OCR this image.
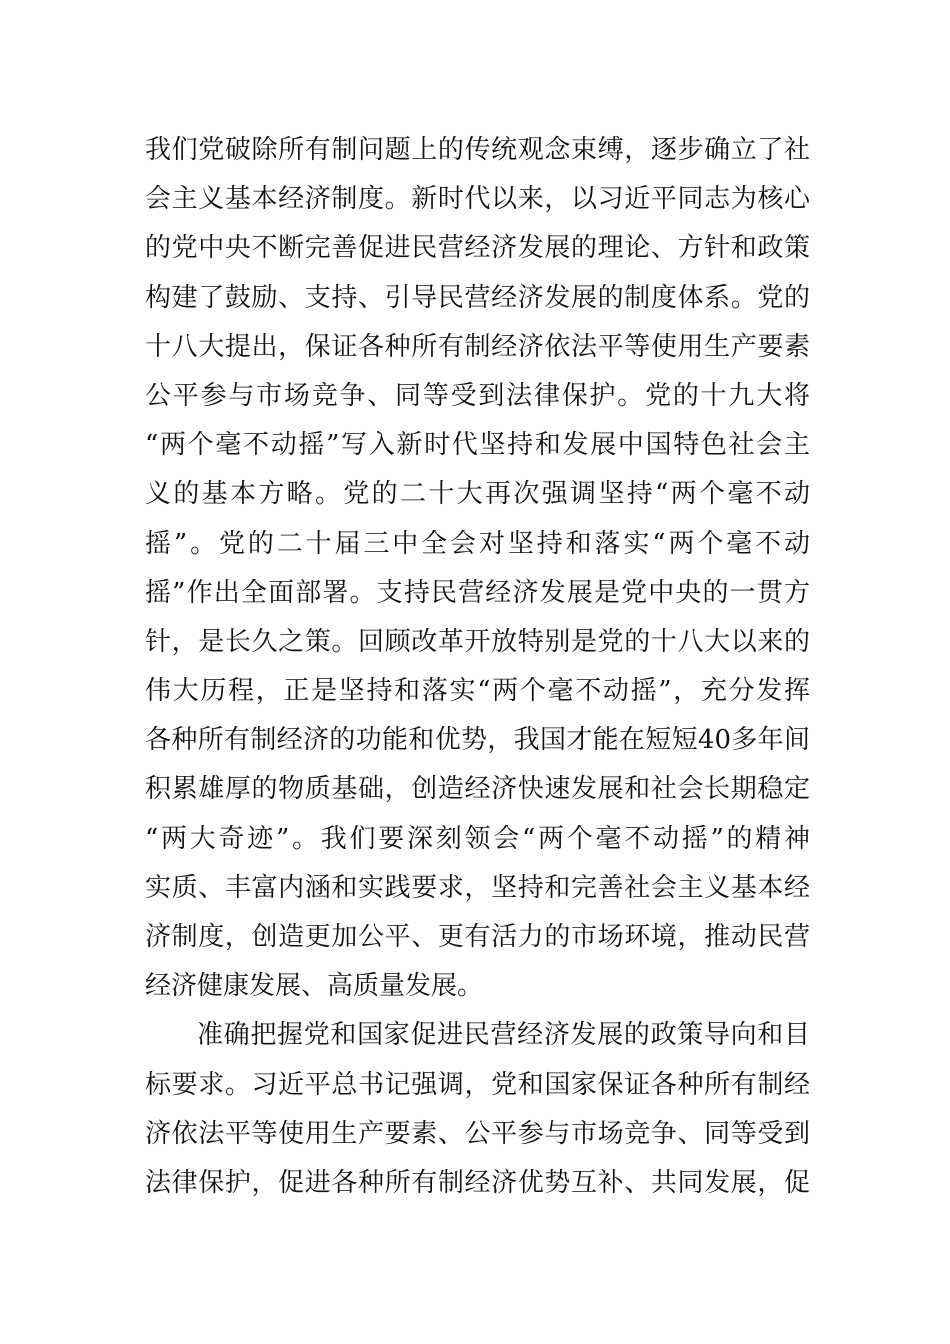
我们党破除所有制问题上的传统观念束缚，逐步确立了社
会主义基本经济制度。新时代以来，以习近平同志为核心
的党中央不断完善促进民营经济发展的理论、方针和政策
构建了鼓励、支持、引导民营经济发展的制度体系。党的
十八大提出，保证各种所有制经济依法平等使用生产要素
公平参与市场竞争、同等受到法律保护。党的十九大将
“两个毫不动摇”写入新时代坚持和发展中国特色社会主
义的基本方略。党的二十大再次强调坚持“两个毫不动
摇”。党的二十届三中全会对坚持和落实“两个毫不动
摇”作出全面部署。支持民营经济发展是党中央的一贯方
针，是长久之策。回顾改革开放特别是党的十八大以来的
伟大历程，正是坚持和落实“两个毫不动摇”，充分发挥
各种所有制经济的功能和优势，我国才能在短短40多年间
积累雄厚的物质基础，创造经济快速发展和社会长期稳定
“两大奇迹”。我们要深刻领会“两个毫不动摇”的精神
实质、丰富内涵和实践要求，坚持和完善社会主义基本经
济制度，创造更加公平、更有活力的市场环境，推动民营
经济健康发展、高质量发展。
准确把握党和国家促进民营经济发展的政策导向和目
标要求。习近平总书记强调，党和国家保证各种所有制经
济依法平等使用生产要素、公平参与市场竞争、同等受到
法律保护，促进各种所有制经济优势互补、共同发展，促
